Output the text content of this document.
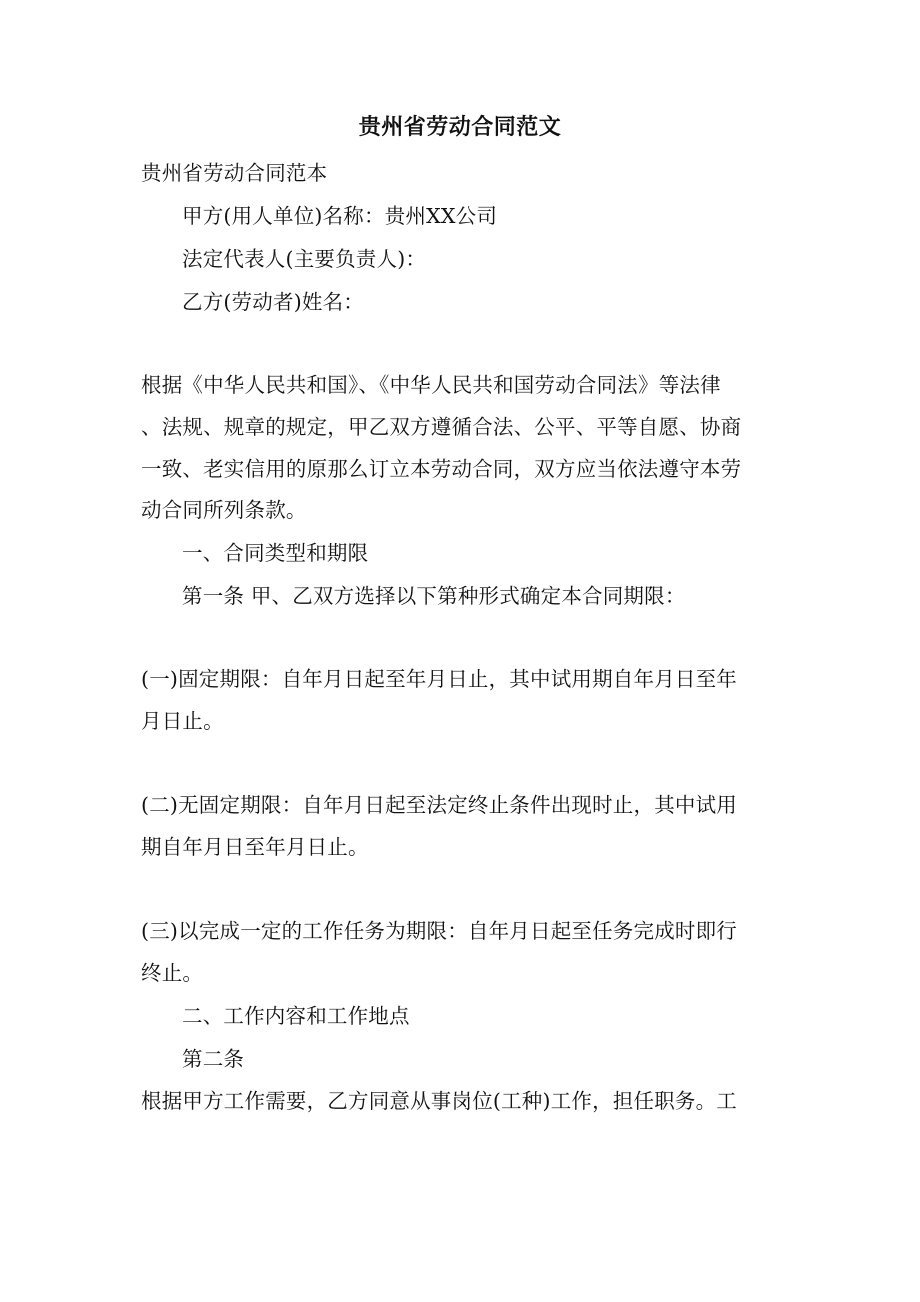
贵州省劳动合同范文
贵州省劳动合同范本
甲方(用人单位)名称：贵州XX公司
法定代表人(主要负责人)：
乙方(劳动者)姓名：
根据《中华人民共和国》、《中华人民共和国劳动合同法》等法律
、法规、规章的规定，甲乙双方遵循合法、公平、平等自愿、协商
一致、老实信用的原那么订立本劳动合同，双方应当依法遵守本劳
动合同所列条款。
一、合同类型和期限
第一条 甲、乙双方选择以下第种形式确定本合同期限：
(一)固定期限：自年月日起至年月日止，其中试用期自年月日至年
月日止。
(二)无固定期限：自年月日起至法定终止条件出现时止，其中试用
期自年月日至年月日止。
(三)以完成一定的工作任务为期限：自年月日起至任务完成时即行
终止。
二、工作内容和工作地点
第二条
根据甲方工作需要，乙方同意从事岗位(工种)工作，担任职务。工
